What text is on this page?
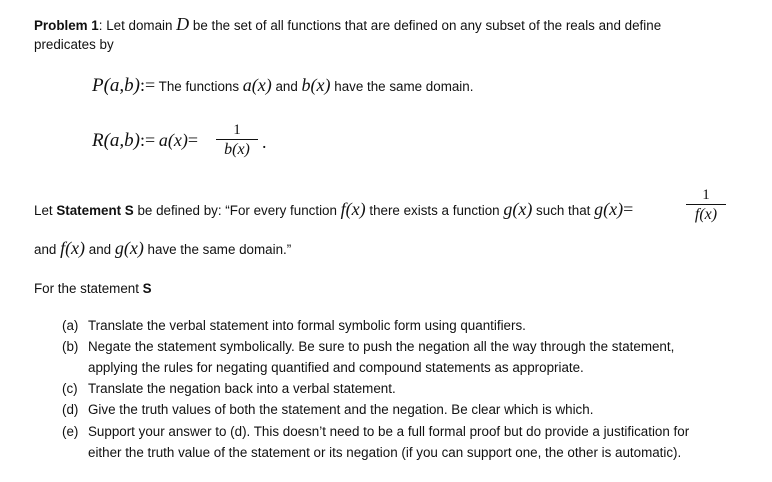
Problem 1: Let domain D be the set of all functions that are defined on any subset of the reals and define
predicates by
P(a,b):= The functions a(x) and b(x) have the same domain.
R(a,b):= a(x)=	1
b(x) .
Let Statement S be defined by: “For every function f(x) there exists a function g(x) such that g(x)=
1
f(x)
and f(x) and g(x) have the same domain.”
For the statement S
(a) Translate the verbal statement into formal symbolic form using quantifiers.
(b) Negate the statement symbolically. Be sure to push the negation all the way through the statement,
applying the rules for negating quantified and compound statements as appropriate.
(c) Translate the negation back into a verbal statement.
(d) Give the truth values of both the statement and the negation. Be clear which is which.
(e) Support your answer to (d). This doesn’t need to be a full formal proof but do provide a justification for
either the truth value of the statement or its negation (if you can support one, the other is automatic).
